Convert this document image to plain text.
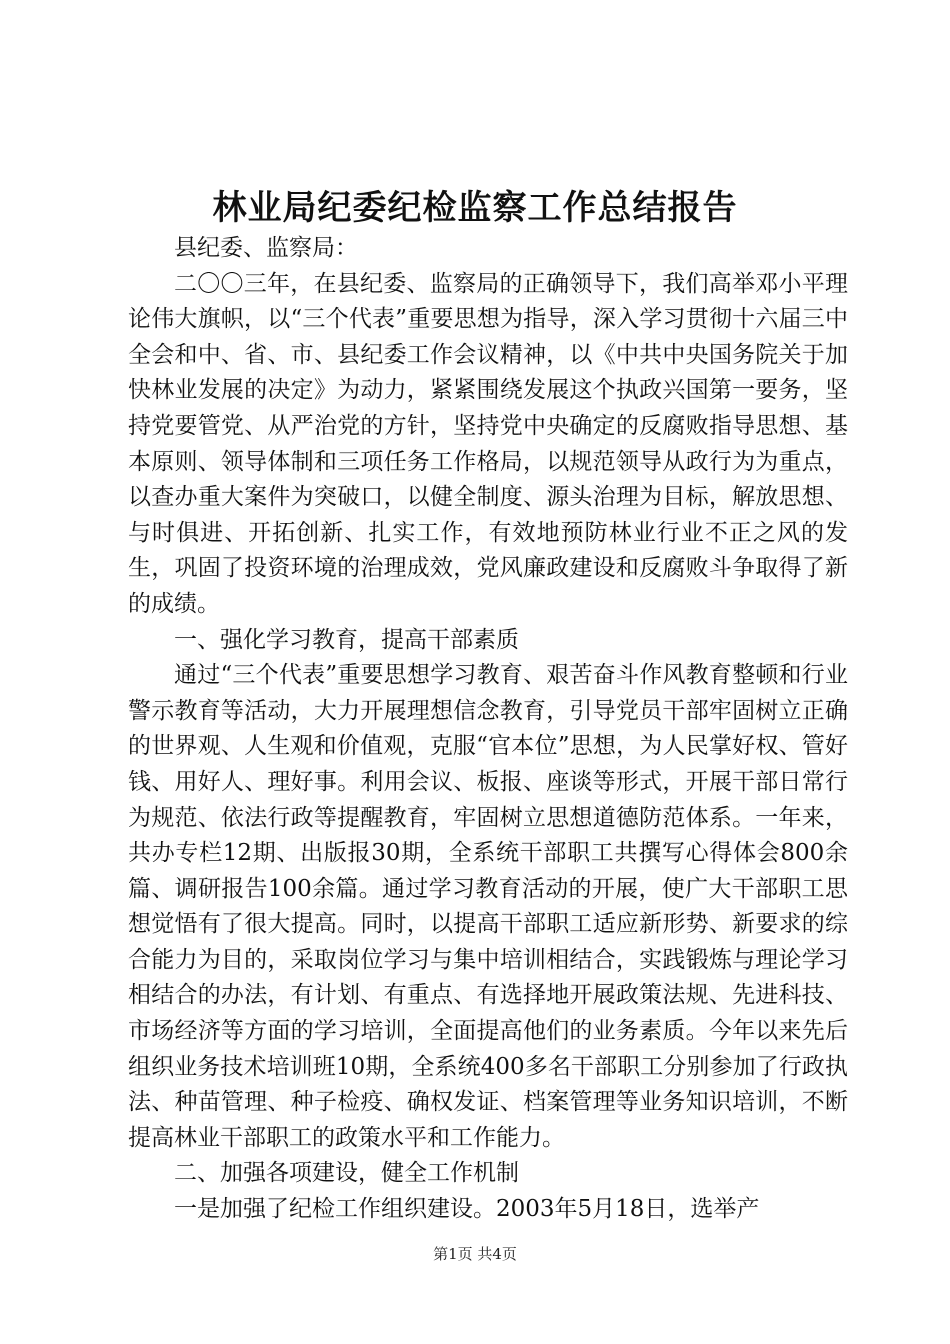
林业局纪委纪检监察工作总结报告

县纪委、监察局：

二〇〇三年，在县纪委、监察局的正确领导下，我们高举邓小平理论伟大旗帜，以“三个代表”重要思想为指导，深入学习贯彻十六届三中全会和中、省、市、县纪委工作会议精神，以《中共中央国务院关于加快林业发展的决定》为动力，紧紧围绕发展这个执政兴国第一要务，坚持党要管党、从严治党的方针，坚持党中央确定的反腐败指导思想、基本原则、领导体制和三项任务工作格局，以规范领导从政行为为重点，以查办重大案件为突破口，以健全制度、源头治理为目标，解放思想、与时俱进、开拓创新、扎实工作，有效地预防林业行业不正之风的发生，巩固了投资环境的治理成效，党风廉政建设和反腐败斗争取得了新的成绩。

一、强化学习教育，提高干部素质

通过“三个代表”重要思想学习教育、艰苦奋斗作风教育整顿和行业警示教育等活动，大力开展理想信念教育，引导党员干部牢固树立正确的世界观、人生观和价值观，克服“官本位”思想，为人民掌好权、管好钱、用好人、理好事。利用会议、板报、座谈等形式，开展干部日常行为规范、依法行政等提醒教育，牢固树立思想道德防范体系。一年来，共办专栏12期、出版报30期，全系统干部职工共撰写心得体会800余篇、调研报告100余篇。通过学习教育活动的开展，使广大干部职工思想觉悟有了很大提高。同时，以提高干部职工适应新形势、新要求的综合能力为目的，采取岗位学习与集中培训相结合，实践锻炼与理论学习相结合的办法，有计划、有重点、有选择地开展政策法规、先进科技、市场经济等方面的学习培训，全面提高他们的业务素质。今年以来先后组织业务技术培训班10期，全系统400多名干部职工分别参加了行政执法、种苗管理、种子检疫、确权发证、档案管理等业务知识培训，不断提高林业干部职工的政策水平和工作能力。

二、加强各项建设，健全工作机制

一是加强了纪检工作组织建设。2003年5月18日，选举产

第1页 共4页
